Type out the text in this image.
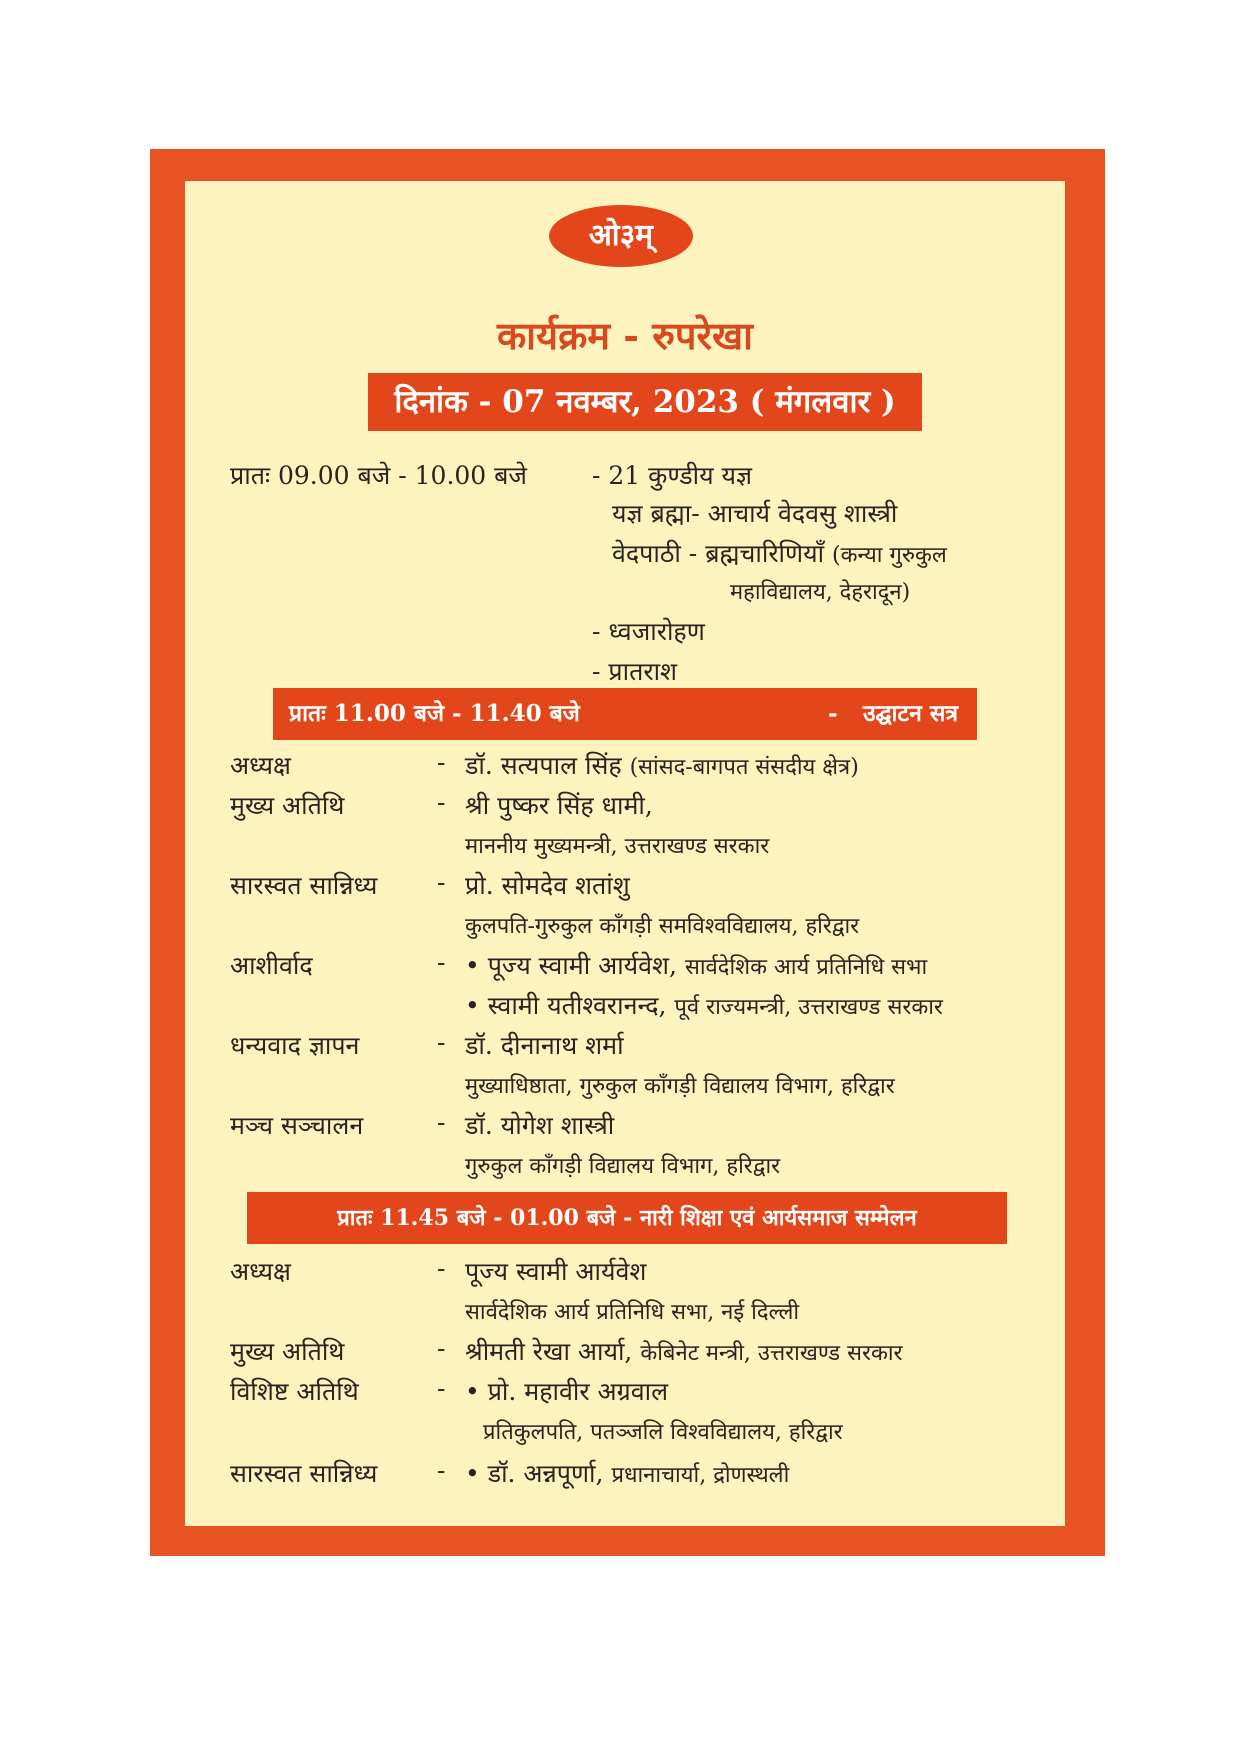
ओ३म्
कार्यक्रम - रुपरेखा
दिनांक - 07 नवम्बर, 2023 ( मंगलवार )
प्रातः 09.00 बजे - 10.00 बजे	- 21 कुण्डीय यज्ञ
यज्ञ ब्रह्मा- आचार्य वेदवसु शास्त्री
वेदपाठी - ब्रह्मचारिणियाँ (कन्या गुरुकुल
महाविद्यालय, देहरादून)
- ध्वजारोहण
- प्रातराश
प्रातः 11.00 बजे - 11.40 बजे	- उद्घाटन सत्र
अध्यक्ष	- डॉ. सत्यपाल सिंह (सांसद-बागपत संसदीय क्षेत्र)
मुख्य अतिथि	- श्री पुष्कर सिंह धामी,
माननीय मुख्यमन्त्री, उत्तराखण्ड सरकार
सारस्वत सान्निध्य - प्रो. सोमदेव शतांशु
कुलपति-गुरुकुल काँगड़ी समविश्वविद्यालय, हरिद्वार
आशीर्वाद	- • पूज्य स्वामी आर्यवेश, सार्वदेशिक आर्य प्रतिनिधि सभा
• स्वामी यतीश्वरानन्द, पूर्व राज्यमन्त्री, उत्तराखण्ड सरकार
धन्यवाद ज्ञापन	- डॉ. दीनानाथ शर्मा
मुख्याधिष्ठाता, गुरुकुल काँगड़ी विद्यालय विभाग, हरिद्वार
मञ्च सञ्चालन	- डॉ. योगेश शास्त्री
गुरुकुल काँगड़ी विद्यालय विभाग, हरिद्वार
प्रातः 11.45 बजे - 01.00 बजे - नारी शिक्षा एवं आर्यसमाज सम्मेलन
अध्यक्ष	- पूज्य स्वामी आर्यवेश
सार्वदेशिक आर्य प्रतिनिधि सभा, नई दिल्ली
मुख्य अतिथि	- श्रीमती रेखा आर्या, केबिनेट मन्त्री, उत्तराखण्ड सरकार
विशिष्ट अतिथि	- • प्रो. महावीर अग्रवाल
प्रतिकुलपति, पतञ्जलि विश्वविद्यालय, हरिद्वार
सारस्वत सान्निध्य - • डॉ. अन्नपूर्णा, प्रधानाचार्या, द्रोणस्थली
